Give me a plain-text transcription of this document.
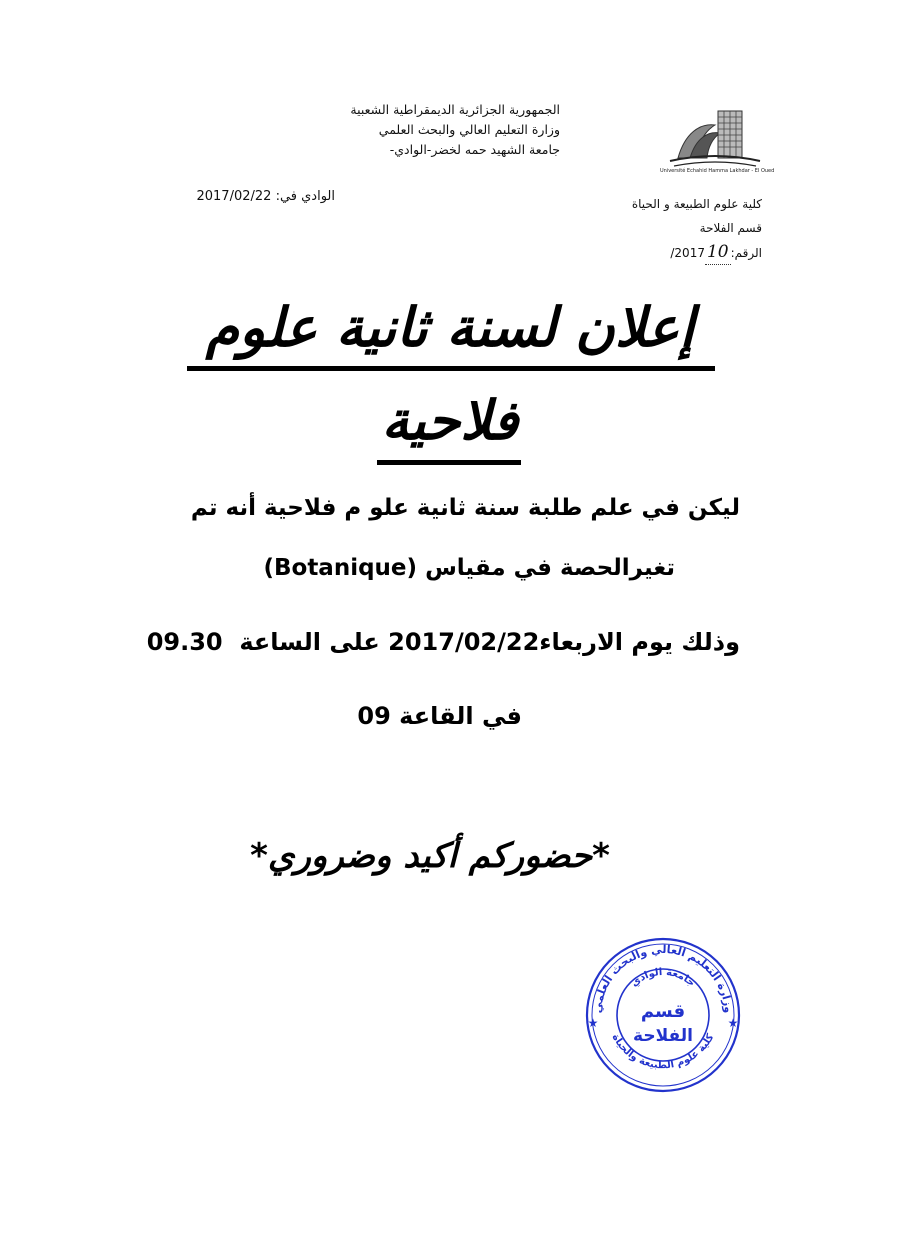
الجمهورية الجزائرية الديمقراطية الشعبية
وزارة التعليم العالي والبحث العلمي
جامعة الشهيد حمه لخضر-الوادي-
Université Echahid Hamma Lakhdar - El Oued
الوادي في: 2017/02/22	كلية علوم الطبيعة و الحياة
قسم الفلاحة
الرقم:102017/
إعلان لسنة ثانية علوم
فلاحية
ليكن في علم طلبة سنة ثانية علو م فلاحية أنه تم
تغيرالحصة في مقياس (Botanique)
وذلك يوم الاربعاء2017/02/22 على الساعة  09.30
في القاعة 09
*حضوركم أكيد وضروري*
وزارة التعليم العالي والبحث العلمي
جامعة الوادي
كلية علوم الطبيعة والحياة
قسم
الفلاحة
★	★
